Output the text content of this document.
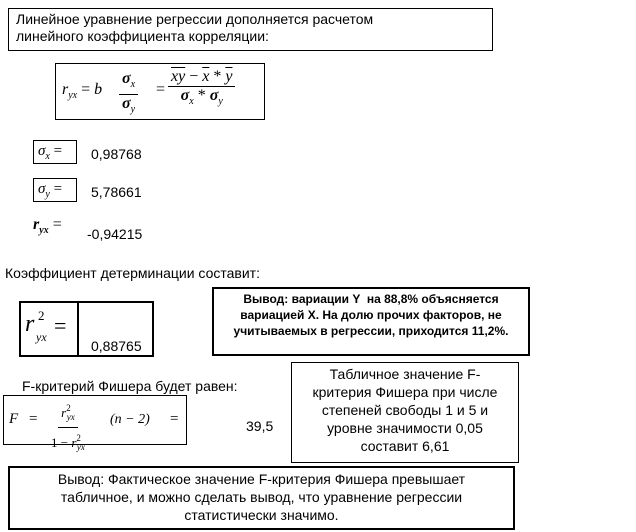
Линейное уравнение регрессии дополняется расчетом
линейного коэффициента корреляции:
$r_{yx} = b \frac{\sigma_x}{\sigma_y} = \frac{\overline{xy} - \overline{x} * \overline{y}}{\sigma_x * \sigma_y}$
$\sigma_x$ =	0,98768
$\sigma_y$ =	5,78661
$r_{yx}$ =
-0,94215
Коэффициент детерминации составит:
Вывод: вариации Y  на 88,8% объясняется
вариацией Х. На долю прочих факторов, не
учитываемых в регрессии, приходится 11,2%.
r 2
yx =
0,88765
F-критерий Фишера будет равен:
$F = \frac{r^2_{yx}}{1 - r^2_{yx}} (n - 2)$ =	39,5
Табличное значение F-
критерия Фишера при числе
степеней свободы 1 и 5 и
уровне значимости 0,05
составит 6,61
Вывод: Фактическое значение F-критерия Фишера превышает
табличное, и можно сделать вывод, что уравнение регрессии
статистически значимо.
